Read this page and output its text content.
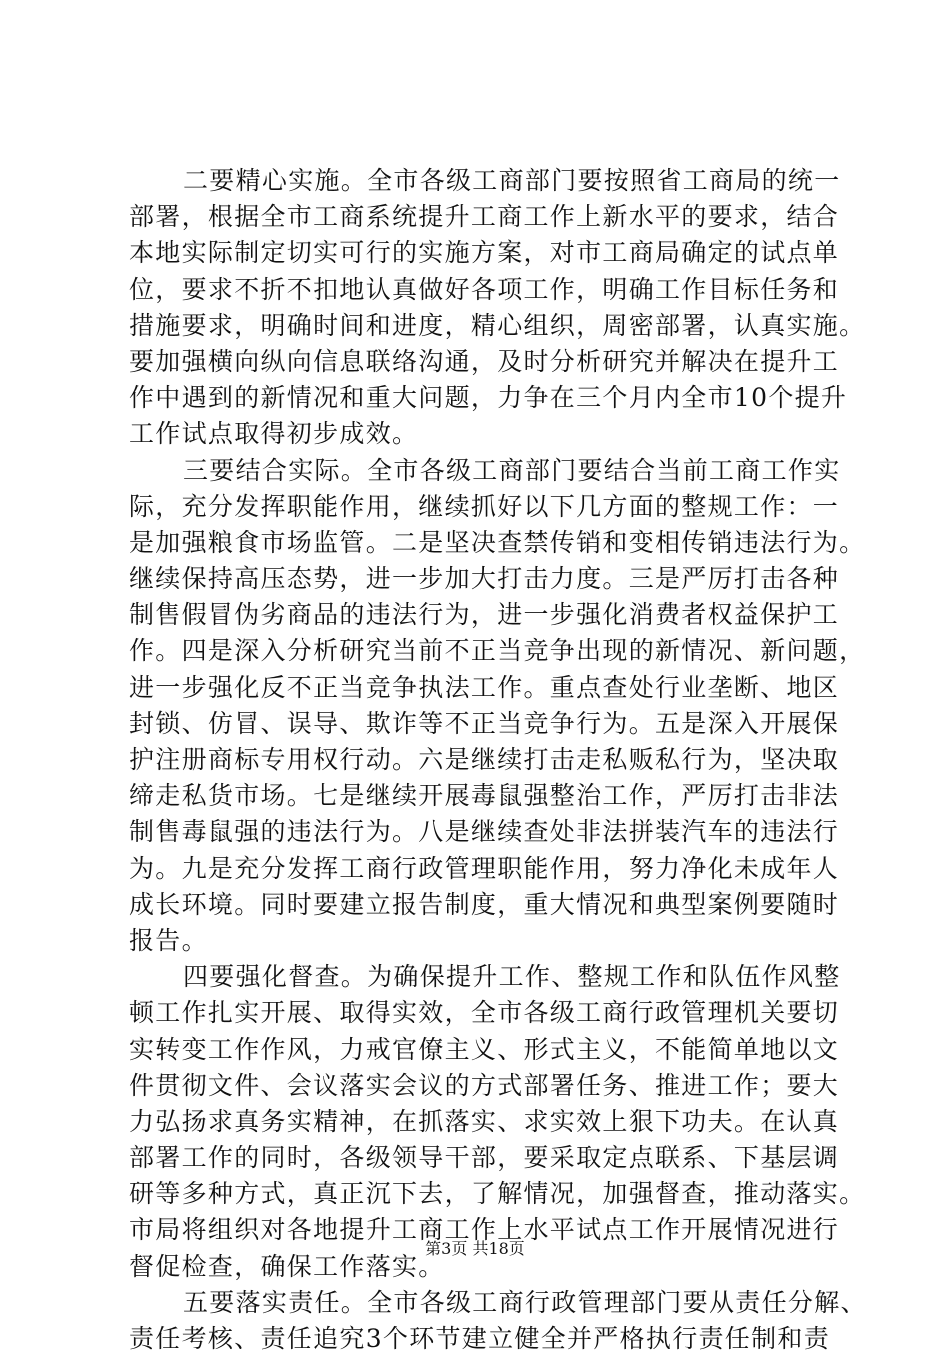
二要精心实施。全市各级工商部门要按照省工商局的统一
部署，根据全市工商系统提升工商工作上新水平的要求，结合
本地实际制定切实可行的实施方案，对市工商局确定的试点单
位，要求不折不扣地认真做好各项工作，明确工作目标任务和
措施要求，明确时间和进度，精心组织，周密部署，认真实施。
要加强横向纵向信息联络沟通，及时分析研究并解决在提升工
作中遇到的新情况和重大问题，力争在三个月内全市10个提升
工作试点取得初步成效。
三要结合实际。全市各级工商部门要结合当前工商工作实
际，充分发挥职能作用，继续抓好以下几方面的整规工作：一
是加强粮食市场监管。二是坚决查禁传销和变相传销违法行为。
继续保持高压态势，进一步加大打击力度。三是严厉打击各种
制售假冒伪劣商品的违法行为，进一步强化消费者权益保护工
作。四是深入分析研究当前不正当竞争出现的新情况、新问题，
进一步强化反不正当竞争执法工作。重点查处行业垄断、地区
封锁、仿冒、误导、欺诈等不正当竞争行为。五是深入开展保
护注册商标专用权行动。六是继续打击走私贩私行为，坚决取
缔走私货市场。七是继续开展毒鼠强整治工作，严厉打击非法
制售毒鼠强的违法行为。八是继续查处非法拼装汽车的违法行
为。九是充分发挥工商行政管理职能作用，努力净化未成年人
成长环境。同时要建立报告制度，重大情况和典型案例要随时
报告。
四要强化督查。为确保提升工作、整规工作和队伍作风整
顿工作扎实开展、取得实效，全市各级工商行政管理机关要切
实转变工作作风，力戒官僚主义、形式主义，不能简单地以文
件贯彻文件、会议落实会议的方式部署任务、推进工作；要大
力弘扬求真务实精神，在抓落实、求实效上狠下功夫。在认真
部署工作的同时，各级领导干部，要采取定点联系、下基层调
研等多种方式，真正沉下去，了解情况，加强督查，推动落实。
市局将组织对各地提升工商工作上水平试点工作开展情况进行
督促检查，确保工作落实。
五要落实责任。全市各级工商行政管理部门要从责任分解、
责任考核、责任追究3个环节建立健全并严格执行责任制和责
第3页 共18页
